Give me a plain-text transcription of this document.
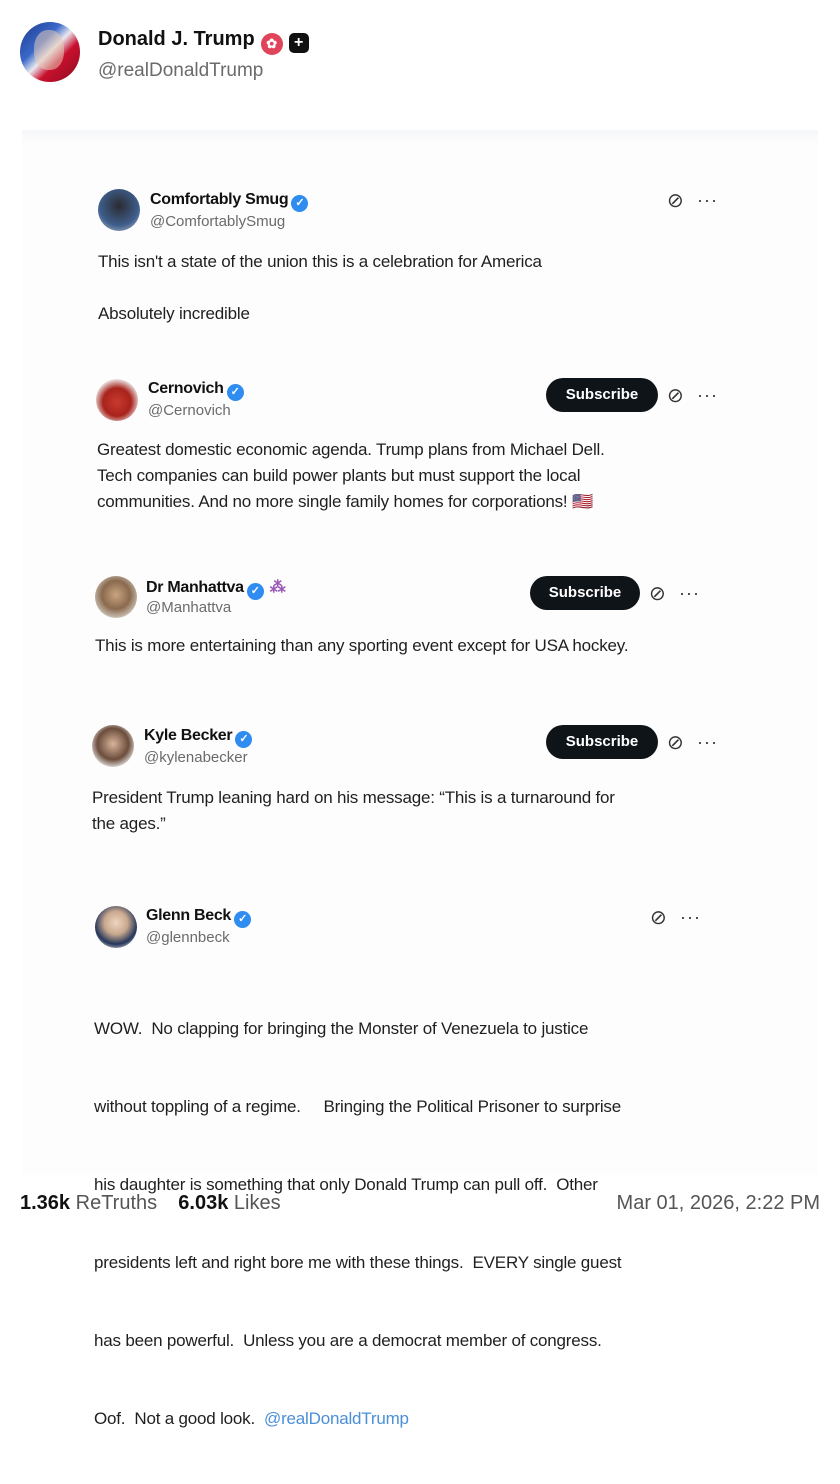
Donald J. Trump ✿ +
@realDonaldTrump
Comfortably Smug ✓
@ComfortablySmug
⊘ ···

This isn't a state of the union this is a celebration for America

Absolutely incredible

Cernovich ✓
@Cernovich
Subscribe	⊘ ···

Greatest domestic economic agenda. Trump plans from Michael Dell.

Tech companies can build power plants but must support the local

communities. And no more single family homes for corporations! 🇺🇸

Dr Manhattva ✓ ⁂
@Manhattva
Subscribe	⊘ ···

This is more entertaining than any sporting event except for USA hockey.

Kyle Becker ✓
@kylenabecker
Subscribe	⊘ ···

President Trump leaning hard on his message: “This is a turnaround for

the ages.”

Glenn Beck ✓
@glennbeck
⊘ ···

WOW.  No clapping for bringing the Monster of Venezuela to justice

without toppling of a regime.     Bringing the Political Prisoner to surprise

his daughter is something that only Donald Trump can pull off.  Other

presidents left and right bore me with these things.  EVERY single guest

has been powerful.  Unless you are a democrat member of congress.

Oof.  Not a good look. @realDonaldTrump

1.36k ReTruths 6.03k Likes	Mar 01, 2026, 2:22 PM
